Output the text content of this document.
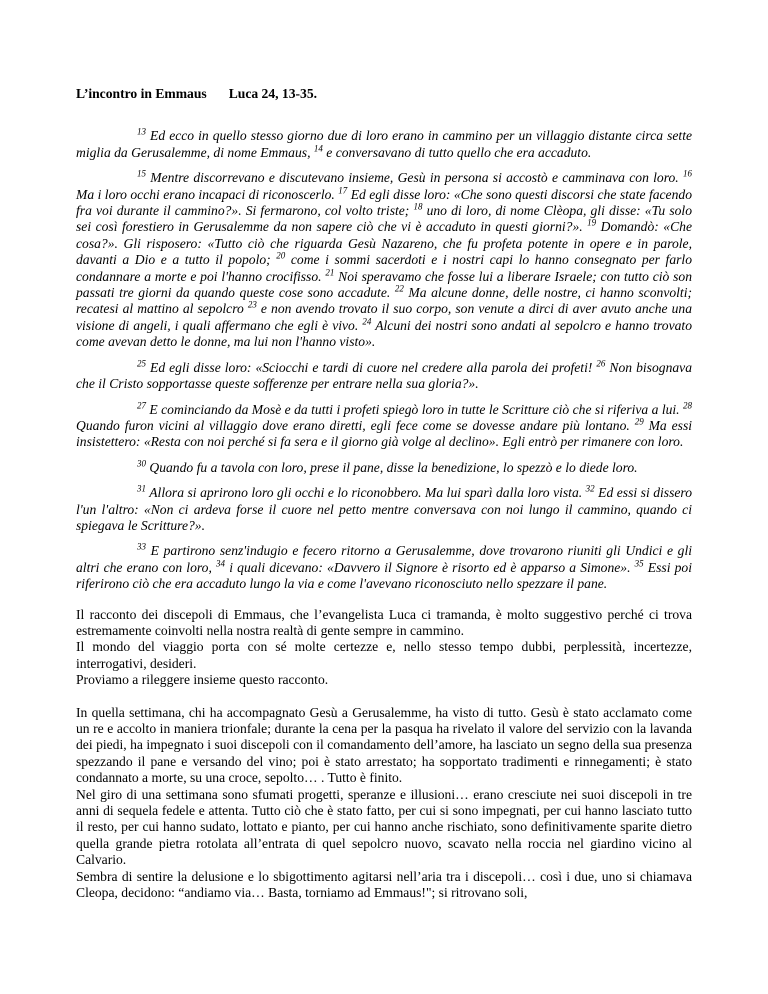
L’incontro in Emmaus Luca 24, 13-35.

$^{13}$ Ed ecco in quello stesso giorno due di loro erano in cammino per un villaggio distante circa sette miglia da Gerusalemme, di nome Emmaus, $^{14}$ e conversavano di tutto quello che era accaduto.

$^{15}$ Mentre discorrevano e discutevano insieme, Gesù in persona si accostò e camminava con loro. $^{16}$ Ma i loro occhi erano incapaci di riconoscerlo. $^{17}$ Ed egli disse loro: «Che sono questi discorsi che state facendo fra voi durante il cammino?». Si fermarono, col volto triste; $^{18}$ uno di loro, di nome Clèopa, gli disse: «Tu solo sei così forestiero in Gerusalemme da non sapere ciò che vi è accaduto in questi giorni?». $^{19}$ Domandò: «Che cosa?». Gli risposero: «Tutto ciò che riguarda Gesù Nazareno, che fu profeta potente in opere e in parole, davanti a Dio e a tutto il popolo; $^{20}$ come i sommi sacerdoti e i nostri capi lo hanno consegnato per farlo condannare a morte e poi l'hanno crocifisso. $^{21}$ Noi speravamo che fosse lui a liberare Israele; con tutto ciò son passati tre giorni da quando queste cose sono accadute. $^{22}$ Ma alcune donne, delle nostre, ci hanno sconvolti; recatesi al mattino al sepolcro $^{23}$ e non avendo trovato il suo corpo, son venute a dirci di aver avuto anche una visione di angeli, i quali affermano che egli è vivo. $^{24}$ Alcuni dei nostri sono andati al sepolcro e hanno trovato come avevan detto le donne, ma lui non l'hanno visto».

$^{25}$ Ed egli disse loro: «Sciocchi e tardi di cuore nel credere alla parola dei profeti! $^{26}$ Non bisognava che il Cristo sopportasse queste sofferenze per entrare nella sua gloria?».

$^{27}$ E cominciando da Mosè e da tutti i profeti spiegò loro in tutte le Scritture ciò che si riferiva a lui. $^{28}$ Quando furon vicini al villaggio dove erano diretti, egli fece come se dovesse andare più lontano. $^{29}$ Ma essi insistettero: «Resta con noi perché si fa sera e il giorno già volge al declino». Egli entrò per rimanere con loro.

$^{30}$ Quando fu a tavola con loro, prese il pane, disse la benedizione, lo spezzò e lo diede loro.

$^{31}$ Allora si aprirono loro gli occhi e lo riconobbero. Ma lui sparì dalla loro vista. $^{32}$ Ed essi si dissero l'un l'altro: «Non ci ardeva forse il cuore nel petto mentre conversava con noi lungo il cammino, quando ci spiegava le Scritture?».

$^{33}$ E partirono senz'indugio e fecero ritorno a Gerusalemme, dove trovarono riuniti gli Undici e gli altri che erano con loro, $^{34}$ i quali dicevano: «Davvero il Signore è risorto ed è apparso a Simone». $^{35}$ Essi poi riferirono ciò che era accaduto lungo la via e come l'avevano riconosciuto nello spezzare il pane.

Il racconto dei discepoli di Emmaus, che l’evangelista Luca ci tramanda, è molto suggestivo perché ci trova estremamente coinvolti nella nostra realtà di gente sempre in cammino.

Il mondo del viaggio porta con sé molte certezze e, nello stesso tempo dubbi, perplessità, incertezze, interrogativi, desideri.

Proviamo a rileggere insieme questo racconto.

In quella settimana, chi ha accompagnato Gesù a Gerusalemme, ha visto di tutto. Gesù è stato acclamato come un re e accolto in maniera trionfale; durante la cena per la pasqua ha rivelato il valore del servizio con la lavanda dei piedi, ha impegnato i suoi discepoli con il comandamento dell’amore, ha lasciato un segno della sua presenza spezzando il pane e versando del vino; poi è stato arrestato; ha sopportato tradimenti e rinnegamenti; è stato condannato a morte, su una croce, sepolto… . Tutto è finito.

Nel giro di una settimana sono sfumati progetti, speranze e illusioni… erano cresciute nei suoi discepoli in tre anni di sequela fedele e attenta. Tutto ciò che è stato fatto, per cui si sono impegnati, per cui hanno lasciato tutto il resto, per cui hanno sudato, lottato e pianto, per cui hanno anche rischiato, sono definitivamente sparite dietro quella grande pietra rotolata all’entrata di quel sepolcro nuovo, scavato nella roccia nel giardino vicino al Calvario.

Sembra di sentire la delusione e lo sbigottimento agitarsi nell’aria tra i discepoli… così i due, uno si chiamava Cleopa, decidono: “andiamo via… Basta, torniamo ad Emmaus!"; si ritrovano soli,
